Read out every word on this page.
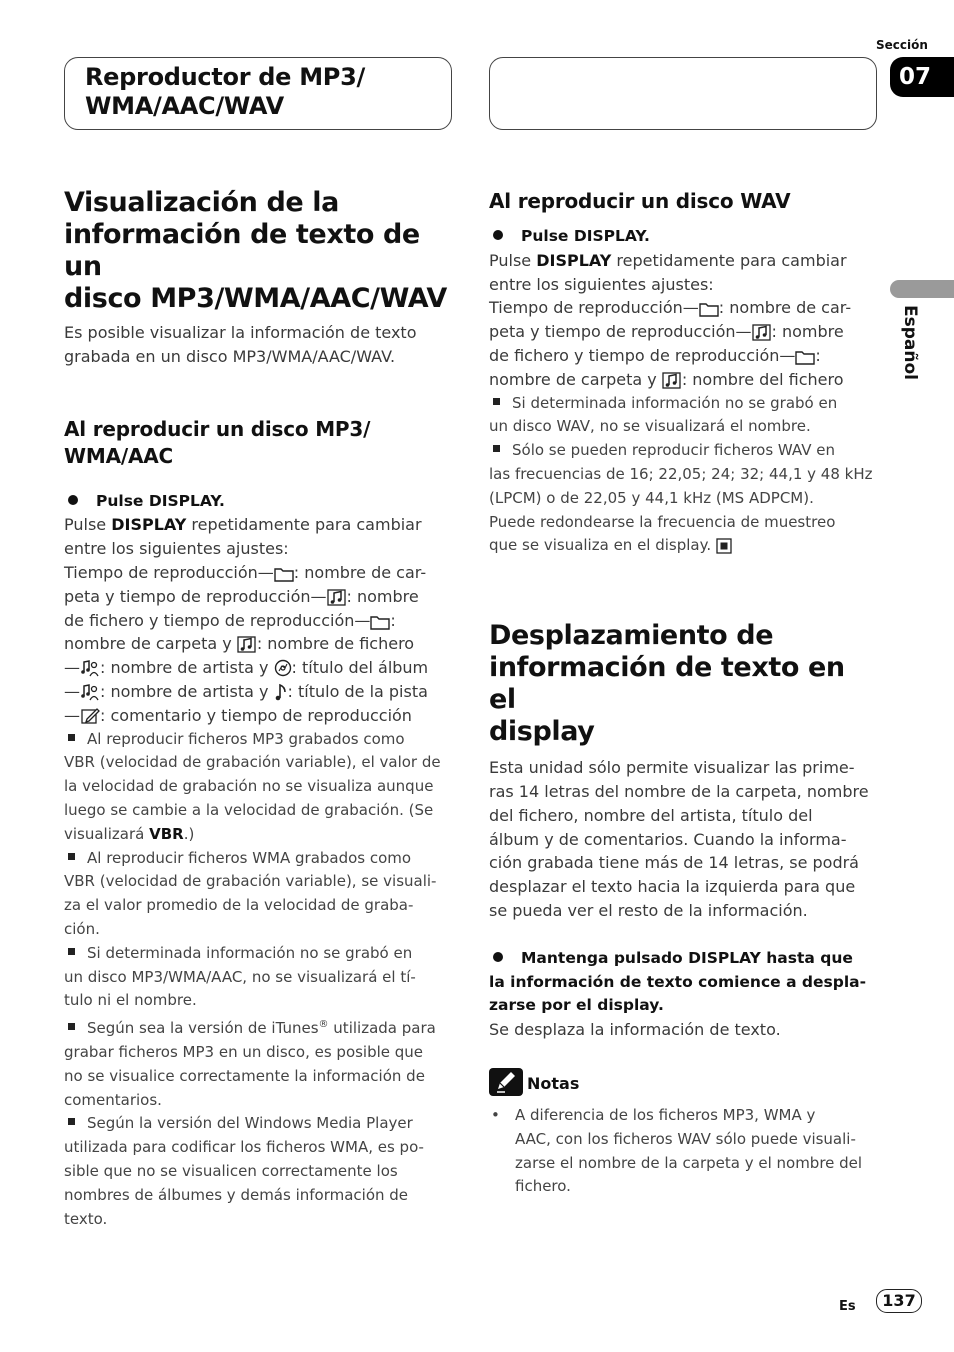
Reproductor de MP3/
WMA/AAC/WAV
Sección
07
Español
Visualización de la
información de texto de un
disco MP3/WMA/AAC/WAV
Es posible visualizar la información de texto
grabada en un disco MP3/WMA/AAC/WAV.
Al reproducir un disco MP3/
WMA/AAC
Pulse DISPLAY.
Pulse DISPLAY repetidamente para cambiar
entre los siguientes ajustes:
Tiempo de reproducción— : nombre de car-
peta y tiempo de reproducción— : nombre
de fichero y tiempo de reproducción— :
nombre de carpeta y : nombre de fichero
— : nombre de artista y : título del álbum
— : nombre de artista y : título de la pista
— : comentario y tiempo de reproducción
Al reproducir ficheros MP3 grabados como
VBR (velocidad de grabación variable), el valor de
la velocidad de grabación no se visualiza aunque
luego se cambie a la velocidad de grabación. (Se
visualizará VBR.)
Al reproducir ficheros WMA grabados como
VBR (velocidad de grabación variable), se visuali-
za el valor promedio de la velocidad de graba-
ción.
Si determinada información no se grabó en
un disco MP3/WMA/AAC, no se visualizará el tí-
tulo ni el nombre.
Según sea la versión de iTunes® utilizada para
grabar ficheros MP3 en un disco, es posible que
no se visualice correctamente la información de
comentarios.
Según la versión del Windows Media Player
utilizada para codificar los ficheros WMA, es po-
sible que no se visualicen correctamente los
nombres de álbumes y demás información de
texto.
Al reproducir un disco WAV
Pulse DISPLAY.
Pulse DISPLAY repetidamente para cambiar
entre los siguientes ajustes:
Tiempo de reproducción— : nombre de car-
peta y tiempo de reproducción— : nombre
de fichero y tiempo de reproducción— :
nombre de carpeta y : nombre del fichero
Si determinada información no se grabó en
un disco WAV, no se visualizará el nombre.
Sólo se pueden reproducir ficheros WAV en
las frecuencias de 16; 22,05; 24; 32; 44,1 y 48 kHz
(LPCM) o de 22,05 y 44,1 kHz (MS ADPCM).
Puede redondearse la frecuencia de muestreo
que se visualiza en el display.
Desplazamiento de
información de texto en el
display
Esta unidad sólo permite visualizar las prime-
ras 14 letras del nombre de la carpeta, nombre
del fichero, nombre del artista, título del
álbum y de comentarios. Cuando la informa-
ción grabada tiene más de 14 letras, se podrá
desplazar el texto hacia la izquierda para que
se pueda ver el resto de la información.
Mantenga pulsado DISPLAY hasta que
la información de texto comience a despla-
zarse por el display.
Se desplaza la información de texto.
Notas
• A diferencia de los ficheros MP3, WMA y
AAC, con los ficheros WAV sólo puede visuali-
zarse el nombre de la carpeta y el nombre del
fichero.
Es	137
